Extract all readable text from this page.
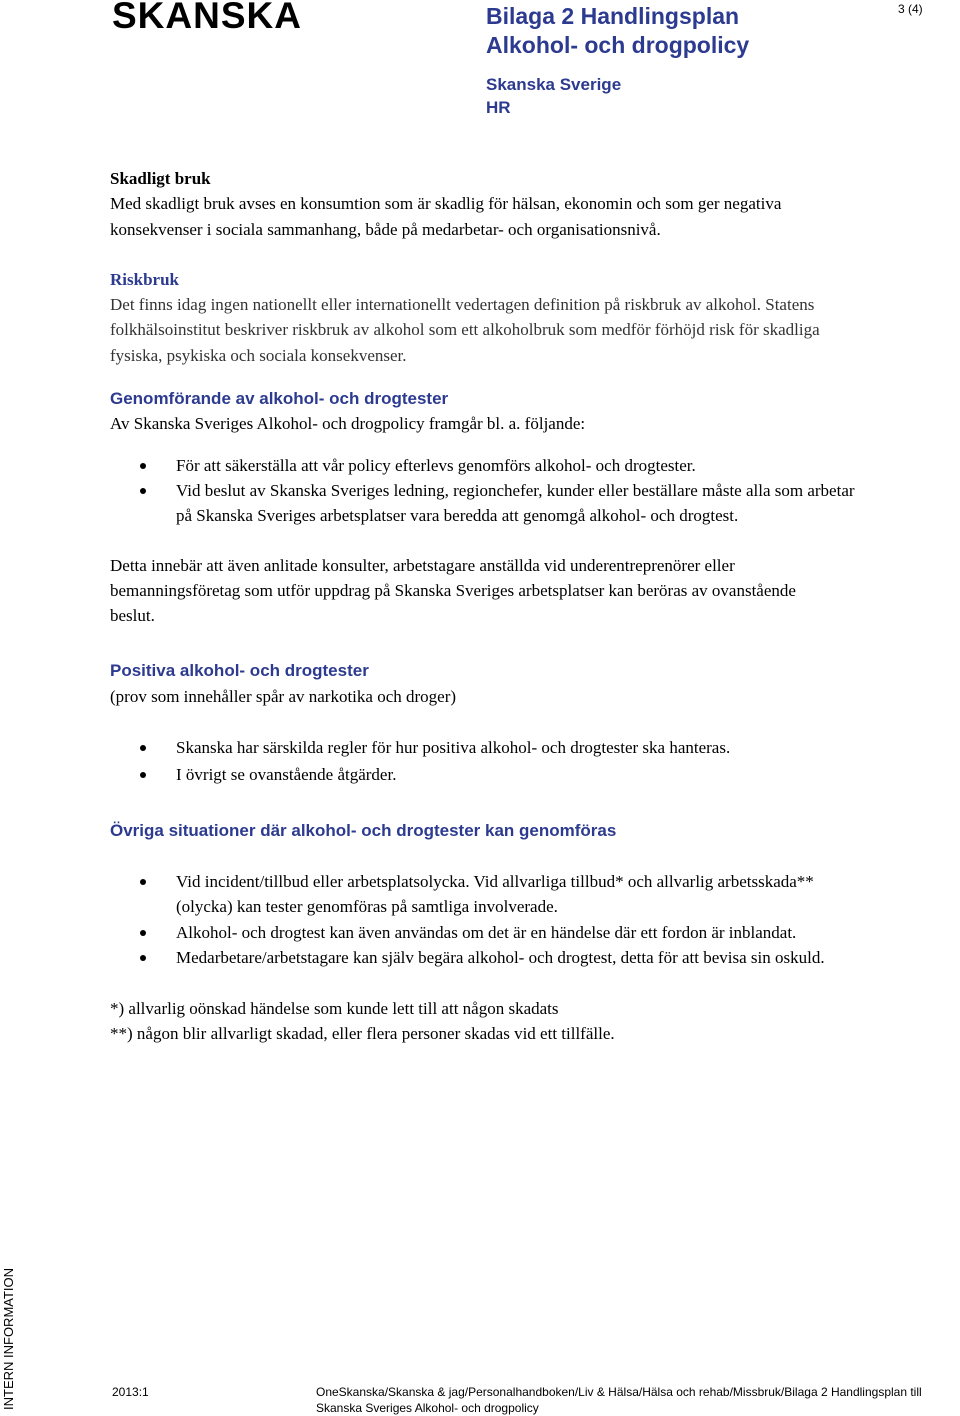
SKANSKA	Bilaga 2 Handlingsplan
Alkohol- och drogpolicy
Skanska Sverige
HR
3 (4)

Skadligt bruk

Med skadligt bruk avses en konsumtion som är skadlig för hälsan, ekonomin och som ger negativa konsekvenser i sociala sammanhang, både på medarbetar- och organisationsnivå.

Riskbruk

Det finns idag ingen nationellt eller internationellt vedertagen definition på riskbruk av alkohol. Statens folkhälsoinstitut beskriver riskbruk av alkohol som ett alkoholbruk som medför förhöjd risk för skadliga fysiska, psykiska och sociala konsekvenser.

Genomförande av alkohol- och drogtester

Av Skanska Sveriges Alkohol- och drogpolicy framgår bl. a. följande:

För att säkerställa att vår policy efterlevs genomförs alkohol- och drogtester.
Vid beslut av Skanska Sveriges ledning, regionchefer, kunder eller beställare måste alla som arbetar på Skanska Sveriges arbetsplatser vara beredda att genomgå alkohol- och drogtest.

Detta innebär att även anlitade konsulter, arbetstagare anställda vid underentreprenörer eller bemanningsföretag som utför uppdrag på Skanska Sveriges arbetsplatser kan beröras av ovanstående beslut.

Positiva alkohol- och drogtester

(prov som innehåller spår av narkotika och droger)

Skanska har särskilda regler för hur positiva alkohol- och drogtester ska hanteras.
I övrigt se ovanstående åtgärder.

Övriga situationer där alkohol- och drogtester kan genomföras

Vid incident/tillbud eller arbetsplatsolycka. Vid allvarliga tillbud* och allvarlig arbetsskada** (olycka) kan tester genomföras på samtliga involverade.
Alkohol- och drogtest kan även användas om det är en händelse där ett fordon är inblandat.
Medarbetare/arbetstagare kan själv begära alkohol- och drogtest, detta för att bevisa sin oskuld.

*) allvarlig oönskad händelse som kunde lett till att någon skadats

**) någon blir allvarligt skadad, eller flera personer skadas vid ett tillfälle.

INTERN INFORMATION	2013:1	OneSkanska/Skanska & jag/Personalhandboken/Liv & Hälsa/Hälsa och rehab/Missbruk/Bilaga 2 Handlingsplan till
Skanska Sveriges Alkohol- och drogpolicy
